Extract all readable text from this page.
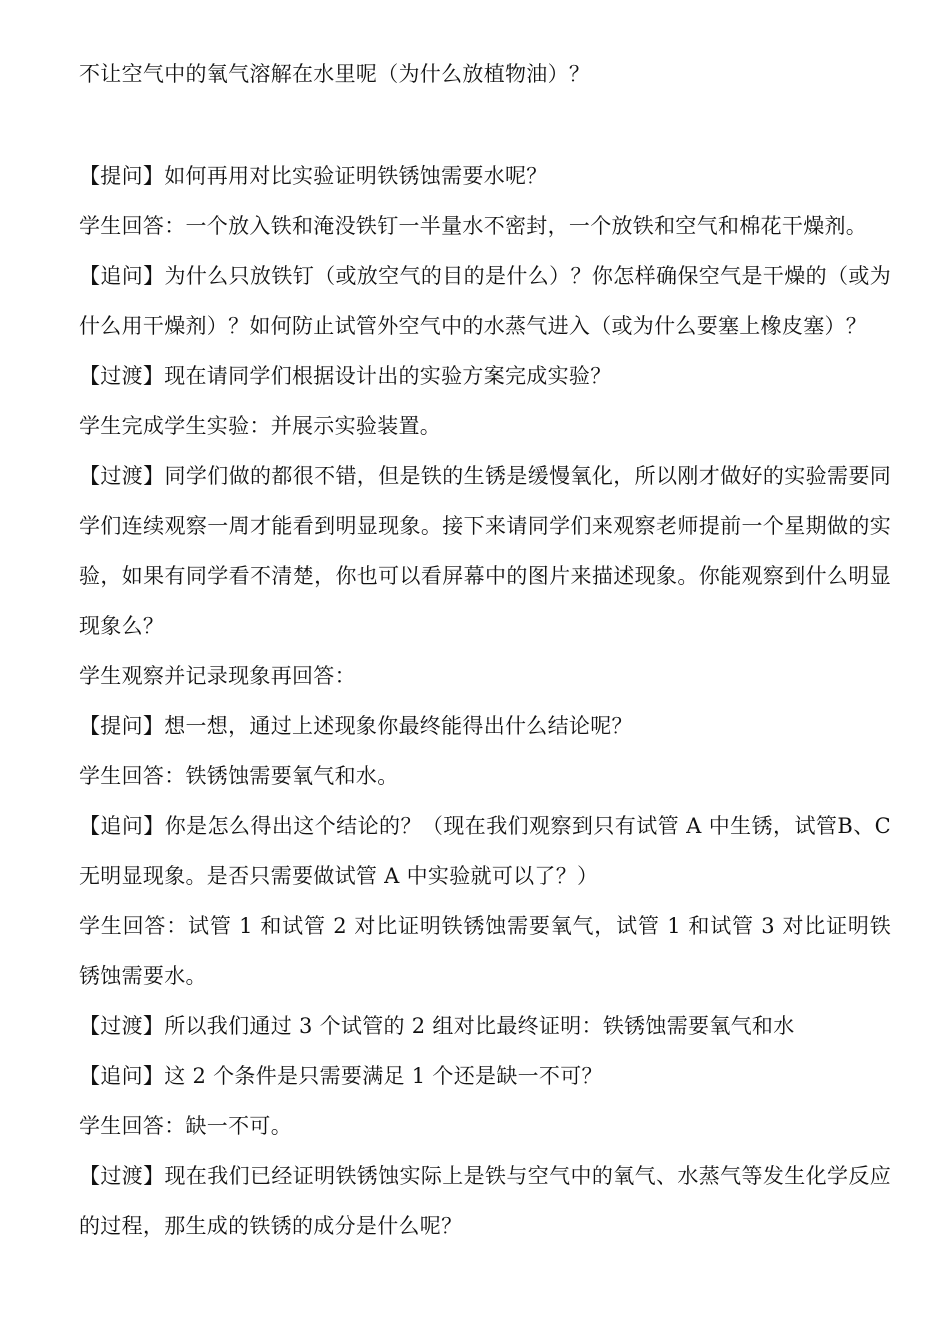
不让空气中的氧气溶解在水里呢（为什么放植物油）？

【提问】如何再用对比实验证明铁锈蚀需要水呢？

学生回答：一个放入铁和淹没铁钉一半量水不密封，一个放铁和空气和棉花干燥剂。

【追问】为什么只放铁钉（或放空气的目的是什么）？你怎样确保空气是干燥的（或为什么用干燥剂）？如何防止试管外空气中的水蒸气进入（或为什么要塞上橡皮塞）？

【过渡】现在请同学们根据设计出的实验方案完成实验？

学生完成学生实验：并展示实验装置。

【过渡】同学们做的都很不错，但是铁的生锈是缓慢氧化，所以刚才做好的实验需要同学们连续观察一周才能看到明显现象。接下来请同学们来观察老师提前一个星期做的实验，如果有同学看不清楚，你也可以看屏幕中的图片来描述现象。你能观察到什么明显现象么？

学生观察并记录现象再回答：

【提问】想一想，通过上述现象你最终能得出什么结论呢？

学生回答：铁锈蚀需要氧气和水。

【追问】你是怎么得出这个结论的？（现在我们观察到只有试管 A 中生锈，试管B、C 无明显现象。是否只需要做试管 A 中实验就可以了？）

学生回答：试管 1 和试管 2 对比证明铁锈蚀需要氧气，试管 1 和试管 3 对比证明铁锈蚀需要水。

【过渡】所以我们通过 3 个试管的 2 组对比最终证明：铁锈蚀需要氧气和水

【追问】这 2 个条件是只需要满足 1 个还是缺一不可？

学生回答：缺一不可。

【过渡】现在我们已经证明铁锈蚀实际上是铁与空气中的氧气、水蒸气等发生化学反应的过程，那生成的铁锈的成分是什么呢？
